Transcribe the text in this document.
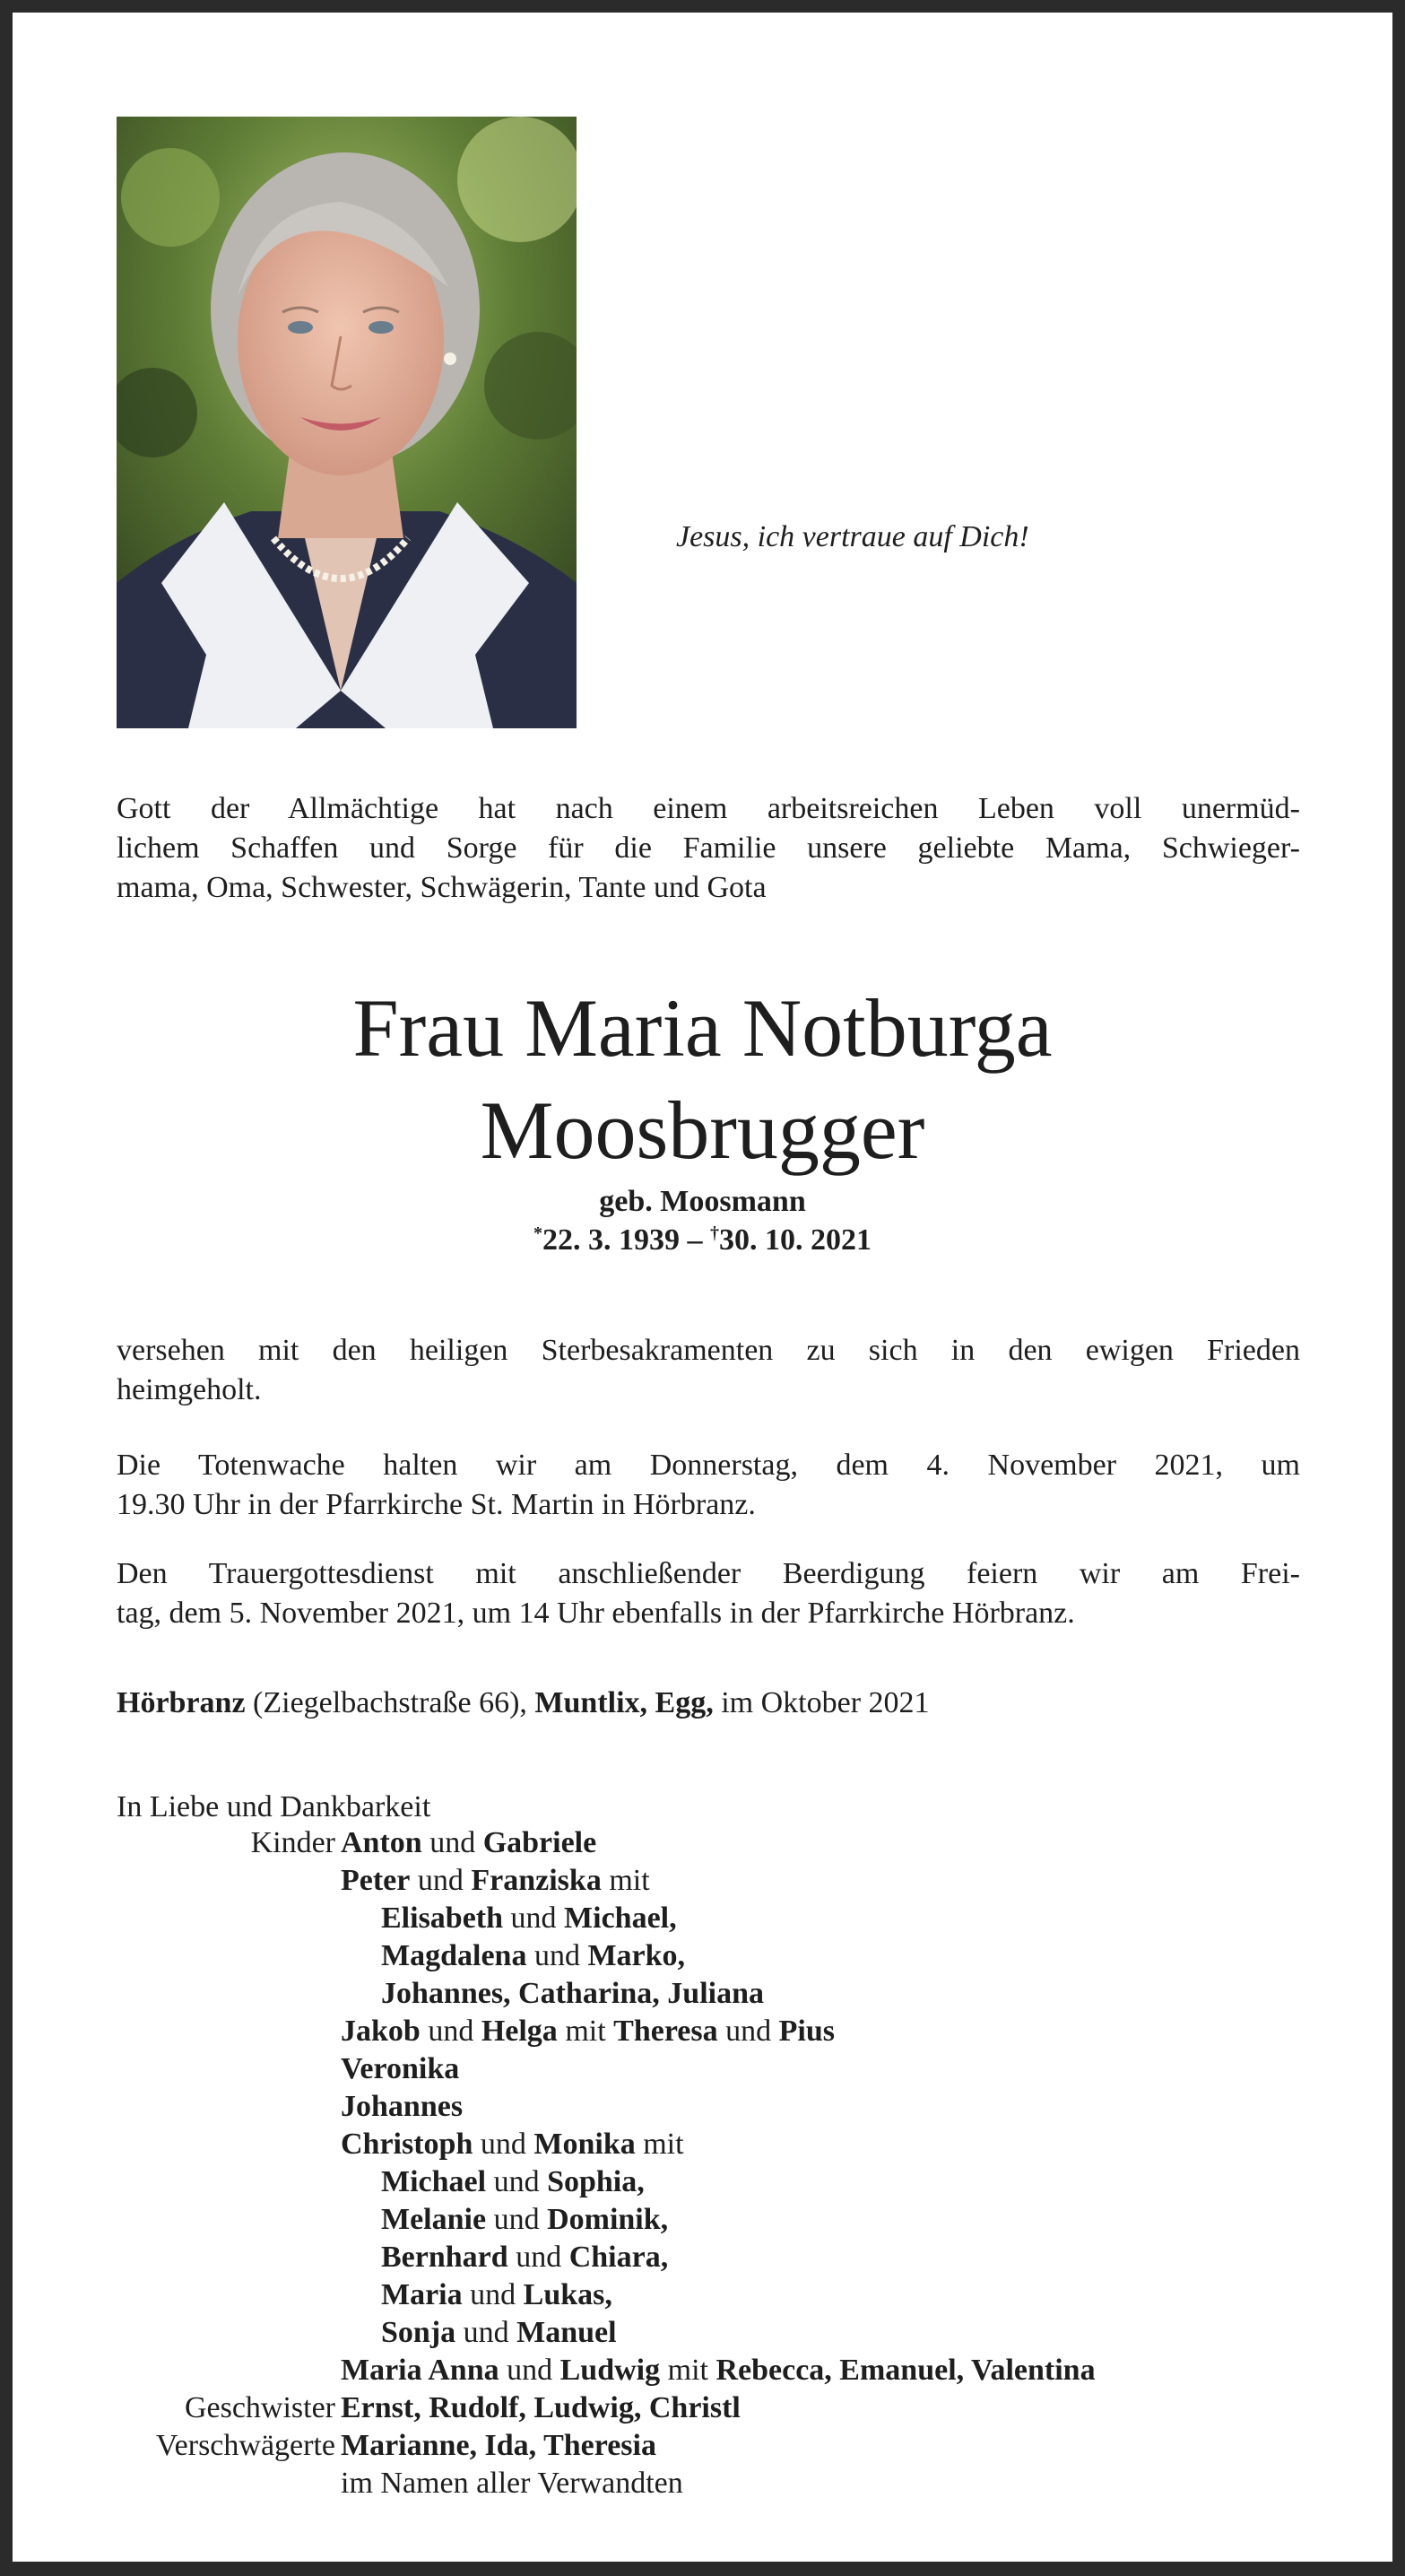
Jesus, ich vertraue auf Dich!
Gott der Allmächtige hat nach einem arbeitsreichen Leben voll unermüd-
lichem Schaffen und Sorge für die Familie unsere geliebte Mama, Schwieger-
mama, Oma, Schwester, Schwägerin, Tante und Gota
Frau Maria Notburga
Moosbrugger
geb. Moosmann
*22. 3. 1939 – †30. 10. 2021
versehen mit den heiligen Sterbesakramenten zu sich in den ewigen Frieden
heimgeholt.
Die Totenwache halten wir am Donnerstag, dem 4. November 2021, um
19.30 Uhr in der Pfarrkirche St. Martin in Hörbranz.
Den Trauergottesdienst mit anschließender Beerdigung feiern wir am Frei-
tag, dem 5. November 2021, um 14 Uhr ebenfalls in der Pfarrkirche Hörbranz.
Hörbranz (Ziegelbachstraße 66), Muntlix, Egg, im Oktober 2021
In Liebe und Dankbarkeit
Kinder Anton und Gabriele
Peter und Franziska mit
Elisabeth und Michael,
Magdalena und Marko,
Johannes, Catharina, Juliana
Jakob und Helga mit Theresa und Pius
Veronika
Johannes
Christoph und Monika mit
Michael und Sophia,
Melanie und Dominik,
Bernhard und Chiara,
Maria und Lukas,
Sonja und Manuel
Maria Anna und Ludwig mit Rebecca, Emanuel, Valentina
Geschwister Ernst, Rudolf, Ludwig, Christl
Verschwägerte Marianne, Ida, Theresia
im Namen aller Verwandten
